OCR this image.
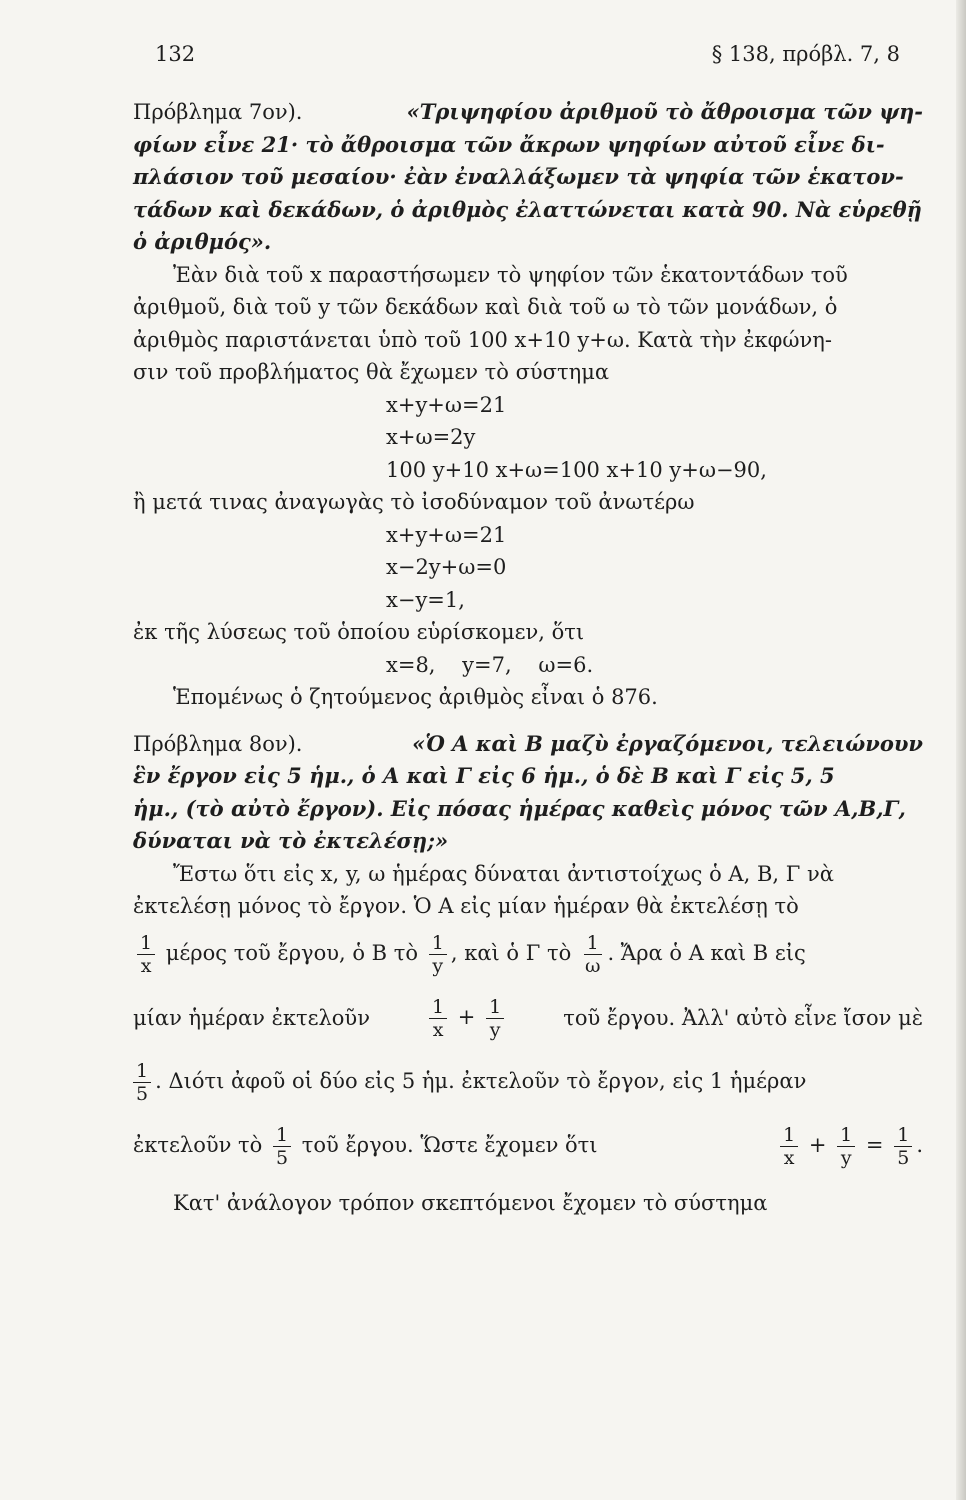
132	§ 138, πρόβλ. 7, 8
Πρόβλημα 7ον).	«Τριψηφίου ἀριθμοῦ τὸ ἄθροισμα τῶν ψη-
φίων εἶνε 21· τὸ ἄθροισμα τῶν ἄκρων ψηφίων αὐτοῦ εἶνε δι-
πλάσιον τοῦ μεσαίου· ἐὰν ἐναλλάξωμεν τὰ ψηφία τῶν ἑκατον-
τάδων καὶ δεκάδων, ὁ ἀριθμὸς ἐλαττώνεται κατὰ 90. Νὰ εὑρεθῇ
ὁ ἀριθμός».
Ἐὰν διὰ τοῦ x παραστήσωμεν τὸ ψηφίον τῶν ἑκατοντάδων τοῦ
ἀριθμοῦ, διὰ τοῦ y τῶν δεκάδων καὶ διὰ τοῦ ω τὸ τῶν μονάδων, ὁ
ἀριθμὸς παριστάνεται ὑπὸ τοῦ 100 x+10 y+ω. Κατὰ τὴν ἐκφώνη-
σιν τοῦ προβλήματος θὰ ἔχωμεν τὸ σύστημα
x+y+ω=21
x+ω=2y
100 y+10 x+ω=100 x+10 y+ω−90,
ἢ μετά τινας ἀναγωγὰς τὸ ἰσοδύναμον τοῦ ἀνωτέρω
x+y+ω=21
x−2y+ω=0
x−y=1,
ἐκ τῆς λύσεως τοῦ ὁποίου εὑρίσκομεν, ὅτι
x=8,    y=7,    ω=6.
Ἑπομένως ὁ ζητούμενος ἀριθμὸς εἶναι ὁ 876.
Πρόβλημα 8ον).	«Ὁ Α καὶ Β μαζὺ ἐργαζόμενοι, τελειώνουν
ἓν ἔργον εἰς 5 ἡμ., ὁ Α καὶ Γ εἰς 6 ἡμ., ὁ δὲ Β καὶ Γ εἰς 5, 5
ἡμ., (τὸ αὐτὸ ἔργον). Εἰς πόσας ἡμέρας καθεὶς μόνος τῶν Α,Β,Γ,
δύναται νὰ τὸ ἐκτελέσῃ;»
Ἔστω ὅτι εἰς x, y, ω ἡμέρας δύναται ἀντιστοίχως ὁ Α, Β, Γ νὰ
ἐκτελέσῃ μόνος τὸ ἔργον. Ὁ Α εἰς μίαν ἡμέραν θὰ ἐκτελέσῃ τὸ
$\frac{1}{x}$ μέρος τοῦ ἔργου, ὁ Β τὸ $\frac{1}{y}$ , καὶ ὁ Γ τὸ $\frac{1}{\omega}$ . Ἄρα ὁ Α καὶ Β εἰς
μίαν ἡμέραν ἐκτελοῦν	$\frac{1}{x} + \frac{1}{y}$	τοῦ ἔργου. Ἀλλ' αὐτὸ εἶνε ἴσον μὲ
$\frac{1}{5}$ . Διότι ἀφοῦ οἱ δύο εἰς 5 ἡμ. ἐκτελοῦν τὸ ἔργον, εἰς 1 ἡμέραν
ἐκτελοῦν τὸ $\frac{1}{5}$ τοῦ ἔργου. Ὥστε ἔχομεν ὅτι	$\frac{1}{x} + \frac{1}{y} = \frac{1}{5}$ .
Κατ' ἀνάλογον τρόπον σκεπτόμενοι ἔχομεν τὸ σύστημα
